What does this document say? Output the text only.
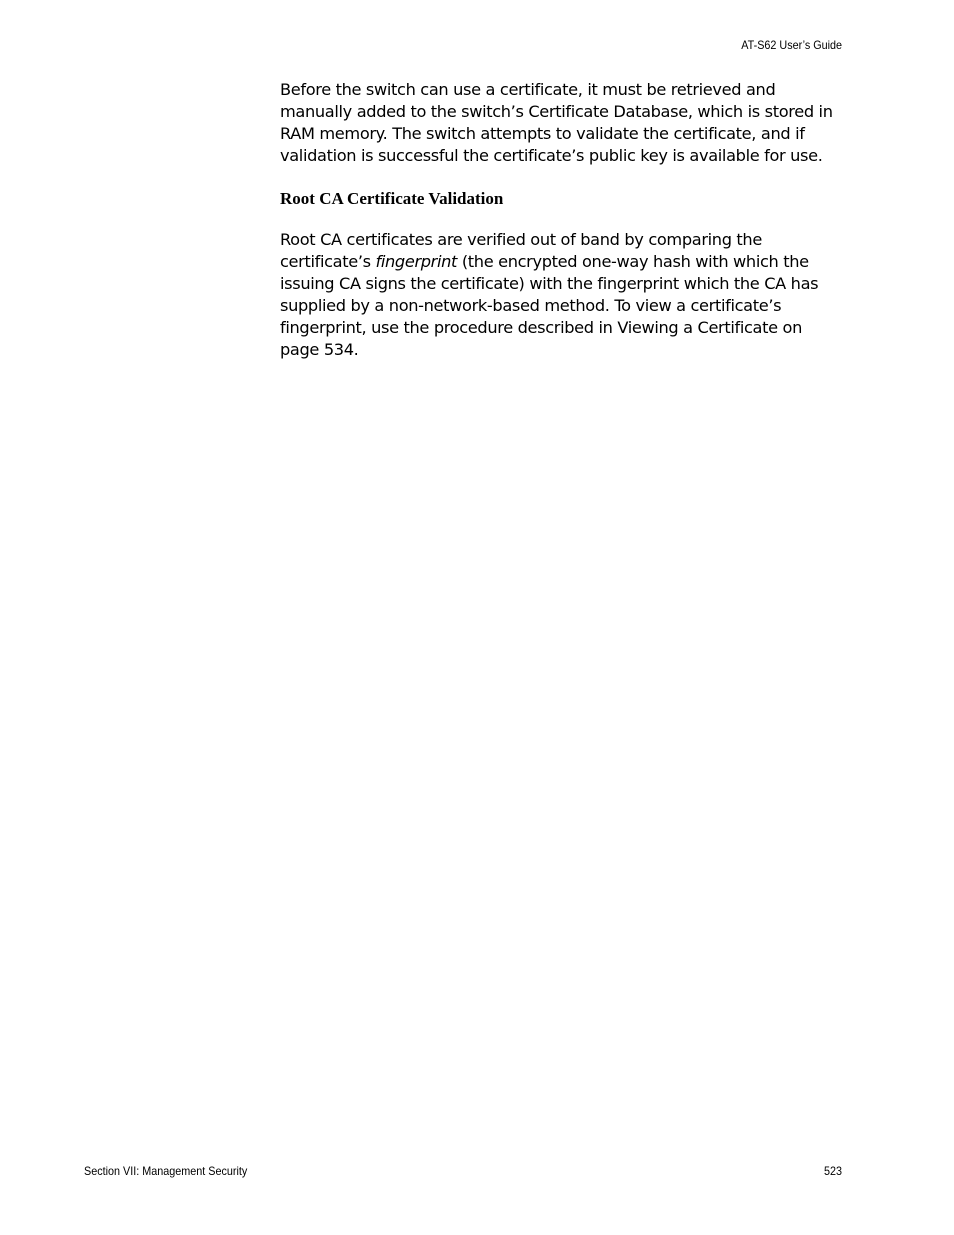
AT-S62 User’s Guide

Before the switch can use a certificate, it must be retrieved and manually added to the switch’s Certificate Database, which is stored in RAM memory. The switch attempts to validate the certificate, and if validation is successful the certificate’s public key is available for use.

Root CA Certificate Validation

Root CA certificates are verified out of band by comparing the certificate’s fingerprint (the encrypted one-way hash with which the issuing CA signs the certificate) with the fingerprint which the CA has supplied by a non-network-based method. To view a certificate’s fingerprint, use the procedure described in Viewing a Certificate on page 534.

Section VII: Management Security	523
